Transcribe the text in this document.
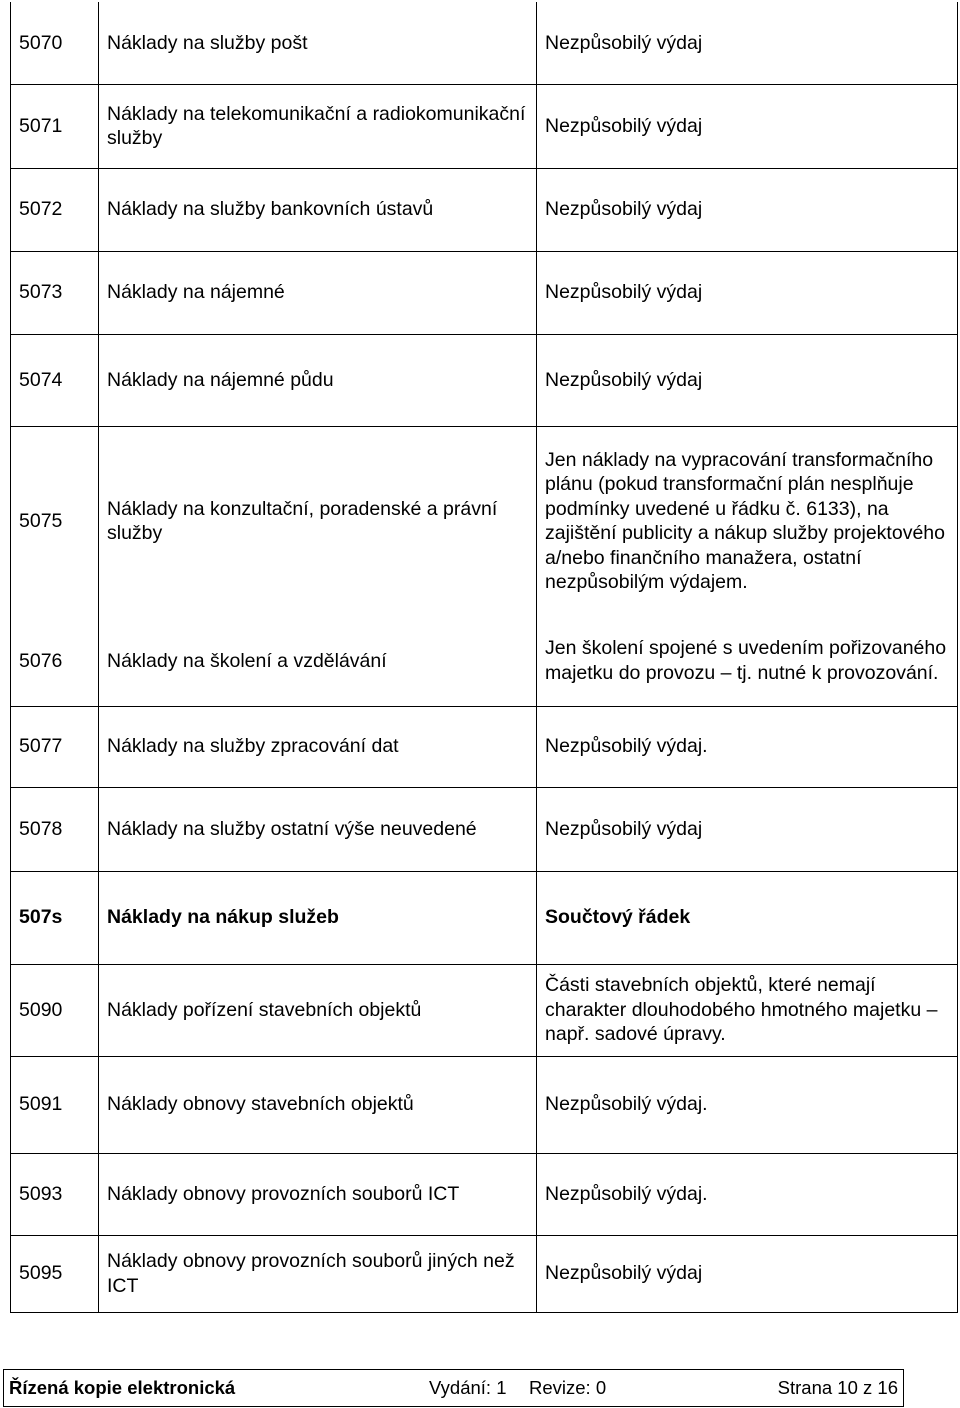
5070	Náklady na služby pošt	Nezpůsobilý výdaj
5071	Náklady na telekomunikační a radiokomunikační služby	Nezpůsobilý výdaj
5072	Náklady na služby bankovních ústavů	Nezpůsobilý výdaj
5073	Náklady na nájemné	Nezpůsobilý výdaj
5074	Náklady na nájemné půdu	Nezpůsobilý výdaj
5075	Náklady na konzultační, poradenské a právní služby	Jen náklady na vypracování transformačního plánu (pokud transformační plán nesplňuje podmínky uvedené u řádku č. 6133), na zajištění publicity a nákup služby projektového a/nebo finančního manažera, ostatní nezpůsobilým výdajem.
5076	Náklady na školení a vzdělávání	Jen školení spojené s uvedením pořizovaného majetku do provozu – tj. nutné k provozování.
5077	Náklady na služby zpracování dat	Nezpůsobilý výdaj.
5078	Náklady na služby ostatní výše neuvedené	Nezpůsobilý výdaj
507s	Náklady na nákup služeb	Součtový řádek
5090	Náklady pořízení stavebních objektů	Části stavebních objektů, které nemají charakter dlouhodobého hmotného majetku – např. sadové úpravy.
5091	Náklady obnovy stavebních objektů	Nezpůsobilý výdaj.
5093	Náklady obnovy provozních souborů ICT	Nezpůsobilý výdaj.
5095	Náklady obnovy provozních souborů jiných než ICT	Nezpůsobilý výdaj
Řízená kopie elektronická	Vydání: 1	Revize: 0	Strana 10 z 16
